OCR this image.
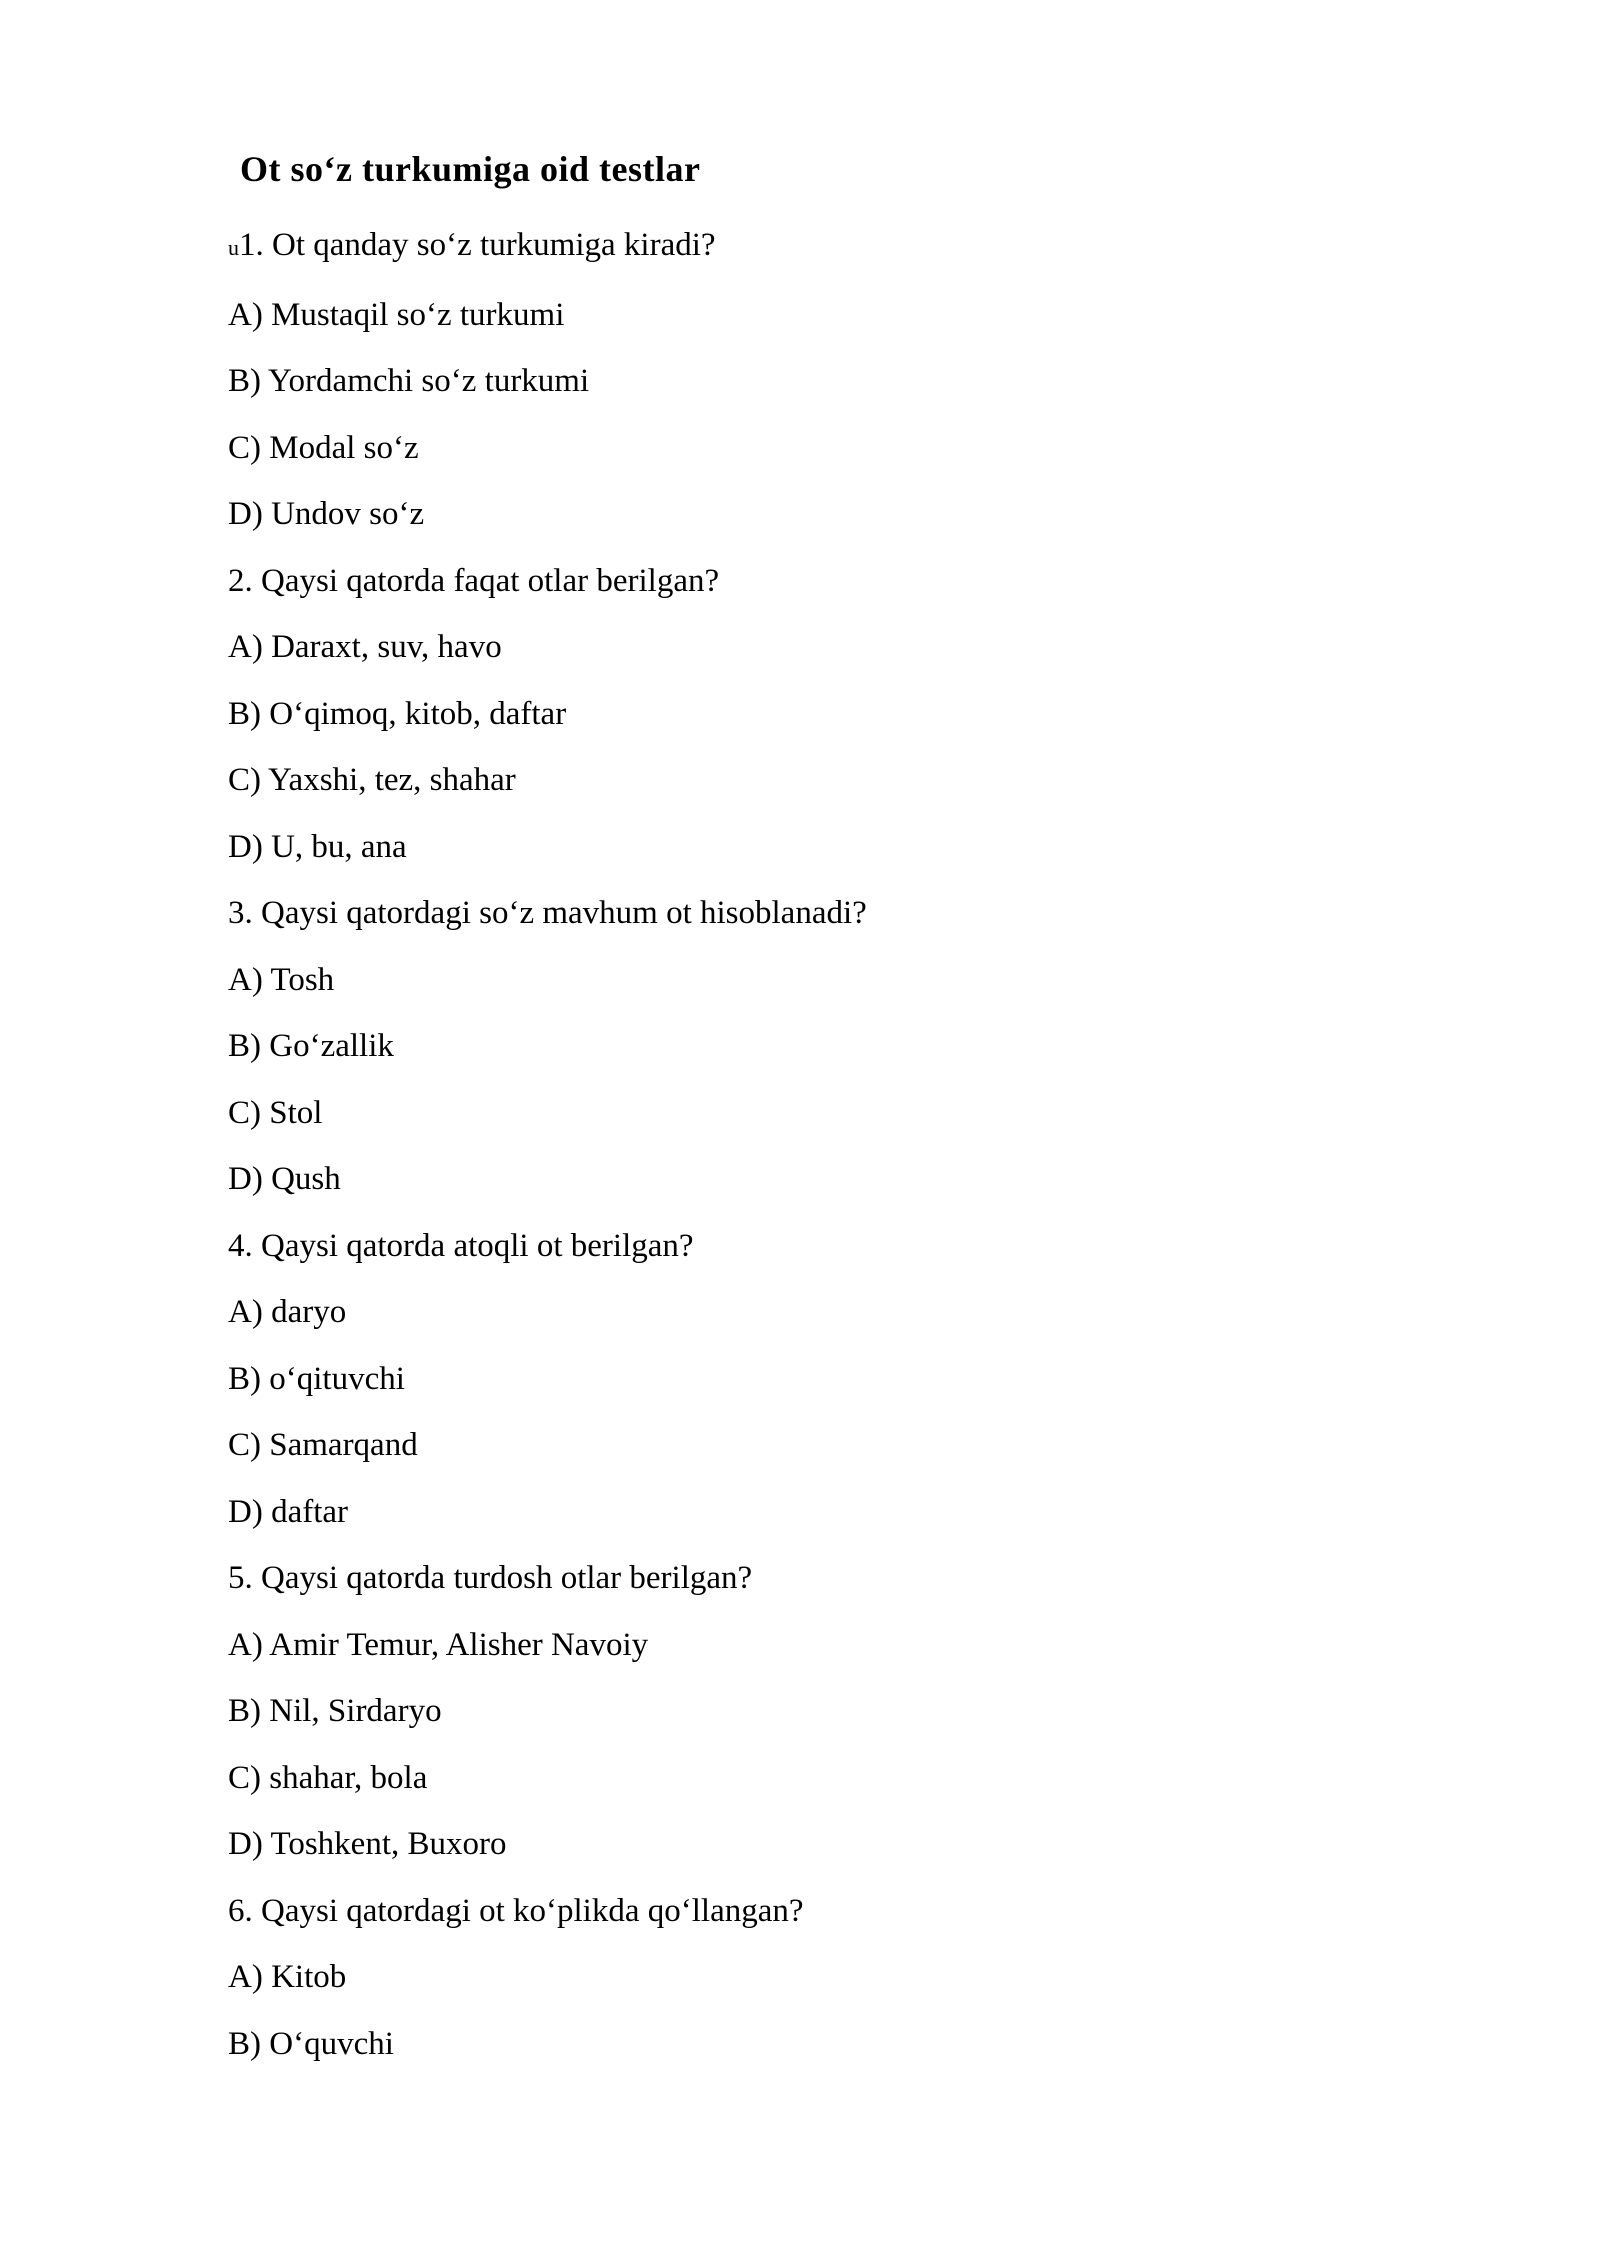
Ot so‘z turkumiga oid testlar

u1. Ot qanday so‘z turkumiga kiradi?

A) Mustaqil so‘z turkumi

B) Yordamchi so‘z turkumi

C) Modal so‘z

D) Undov so‘z

2. Qaysi qatorda faqat otlar berilgan?

A) Daraxt, suv, havo

B) O‘qimoq, kitob, daftar

C) Yaxshi, tez, shahar

D) U, bu, ana

3. Qaysi qatordagi so‘z mavhum ot hisoblanadi?

A) Tosh

B) Go‘zallik

C) Stol

D) Qush

4. Qaysi qatorda atoqli ot berilgan?

A) daryo

B) o‘qituvchi

C) Samarqand

D) daftar

5. Qaysi qatorda turdosh otlar berilgan?

A) Amir Temur, Alisher Navoiy

B) Nil, Sirdaryo

C) shahar, bola

D) Toshkent, Buxoro

6. Qaysi qatordagi ot ko‘plikda qo‘llangan?

A) Kitob

B) O‘quvchi
